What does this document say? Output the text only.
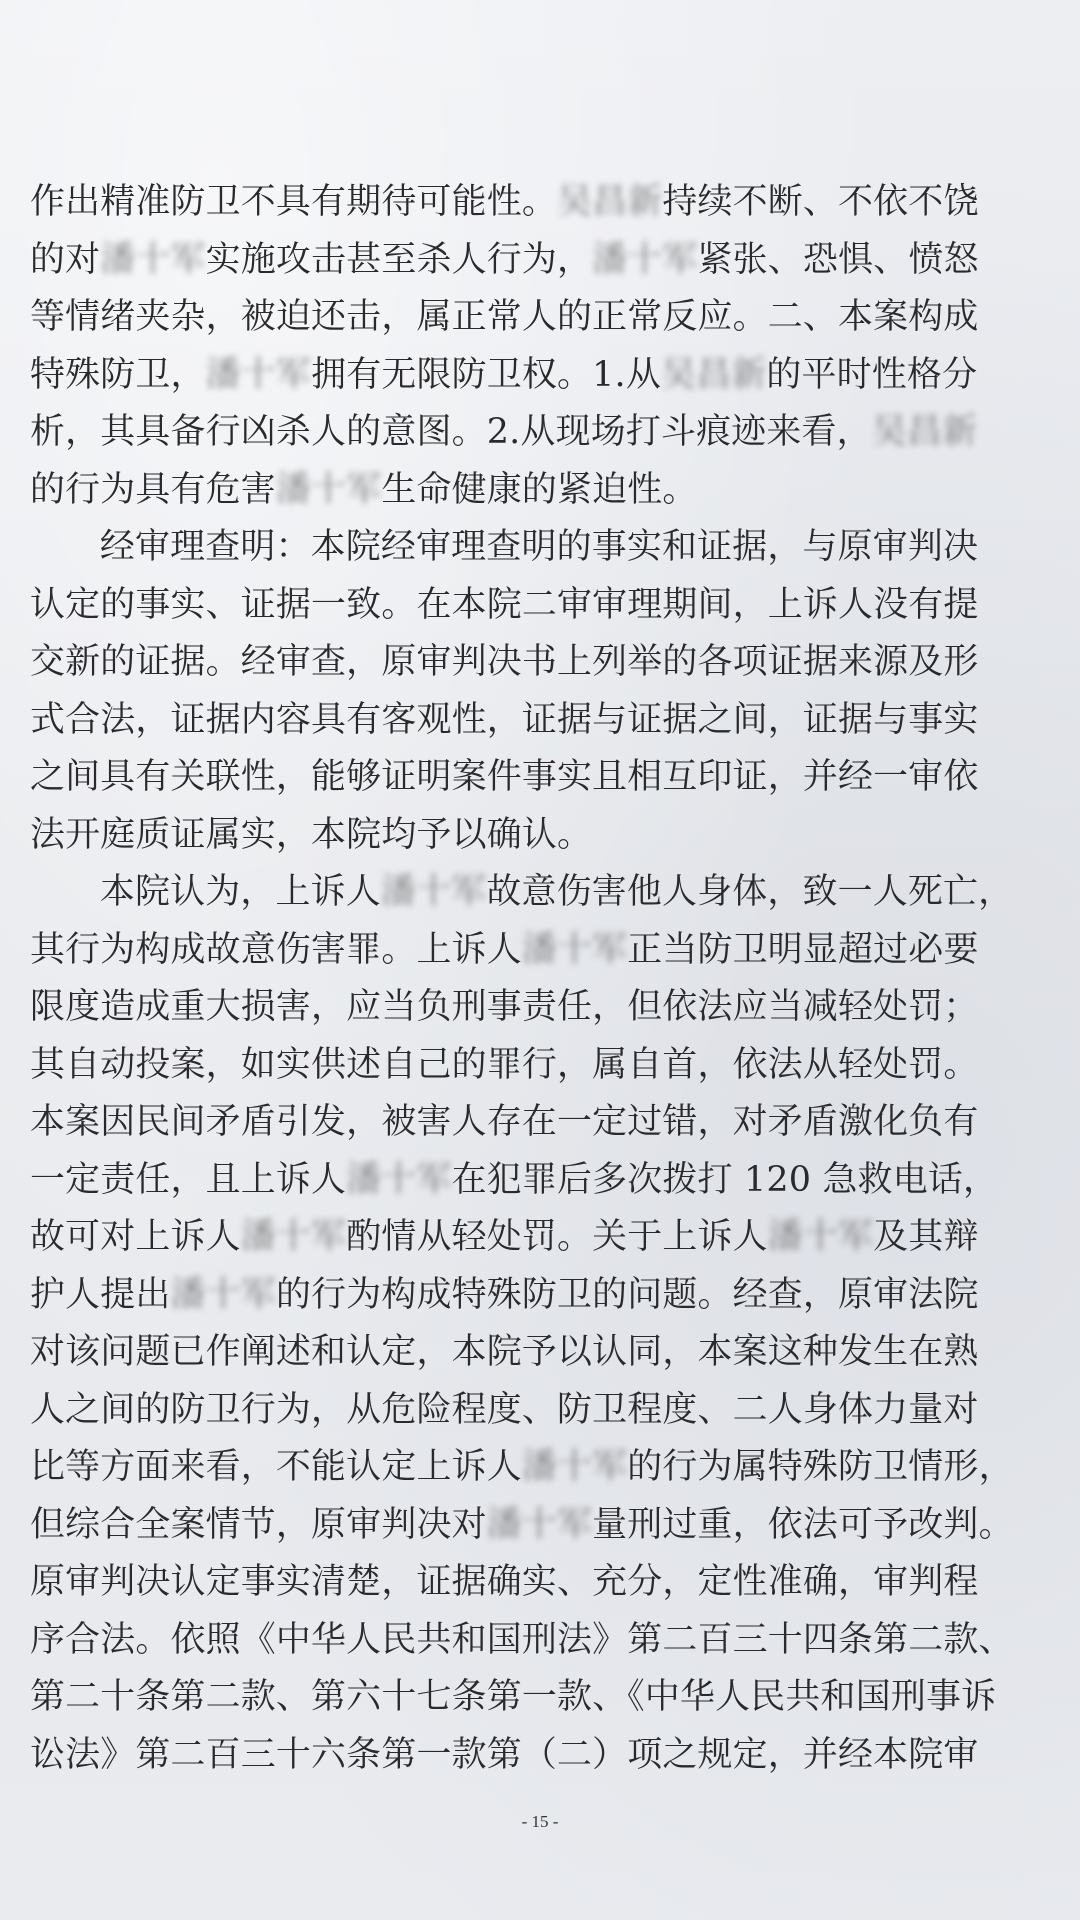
作出精准防卫不具有期待可能性。吴昌新持续不断、不依不饶
的对潘十军实施攻击甚至杀人行为，潘十军紧张、恐惧、愤怒
等情绪夹杂，被迫还击，属正常人的正常反应。二、本案构成
特殊防卫，潘十军拥有无限防卫权。1.从吴昌新的平时性格分
析，其具备行凶杀人的意图。2.从现场打斗痕迹来看，吴昌新
的行为具有危害潘十军生命健康的紧迫性。
经审理查明：本院经审理查明的事实和证据，与原审判决
认定的事实、证据一致。在本院二审审理期间，上诉人没有提
交新的证据。经审查，原审判决书上列举的各项证据来源及形
式合法，证据内容具有客观性，证据与证据之间，证据与事实
之间具有关联性，能够证明案件事实且相互印证，并经一审依
法开庭质证属实，本院均予以确认。
本院认为，上诉人潘十军故意伤害他人身体，致一人死亡，
其行为构成故意伤害罪。上诉人潘十军正当防卫明显超过必要
限度造成重大损害，应当负刑事责任，但依法应当减轻处罚；
其自动投案，如实供述自己的罪行，属自首，依法从轻处罚。
本案因民间矛盾引发，被害人存在一定过错，对矛盾激化负有
一定责任，且上诉人潘十军在犯罪后多次拨打 120 急救电话，
故可对上诉人潘十军酌情从轻处罚。关于上诉人潘十军及其辩
护人提出潘十军的行为构成特殊防卫的问题。经查，原审法院
对该问题已作阐述和认定，本院予以认同，本案这种发生在熟
人之间的防卫行为，从危险程度、防卫程度、二人身体力量对
比等方面来看，不能认定上诉人潘十军的行为属特殊防卫情形，
但综合全案情节，原审判决对潘十军量刑过重，依法可予改判。
原审判决认定事实清楚，证据确实、充分，定性准确，审判程
序合法。依照《中华人民共和国刑法》第二百三十四条第二款、
第二十条第二款、第六十七条第一款、《中华人民共和国刑事诉
讼法》第二百三十六条第一款第（二）项之规定，并经本院审
- 15 -
